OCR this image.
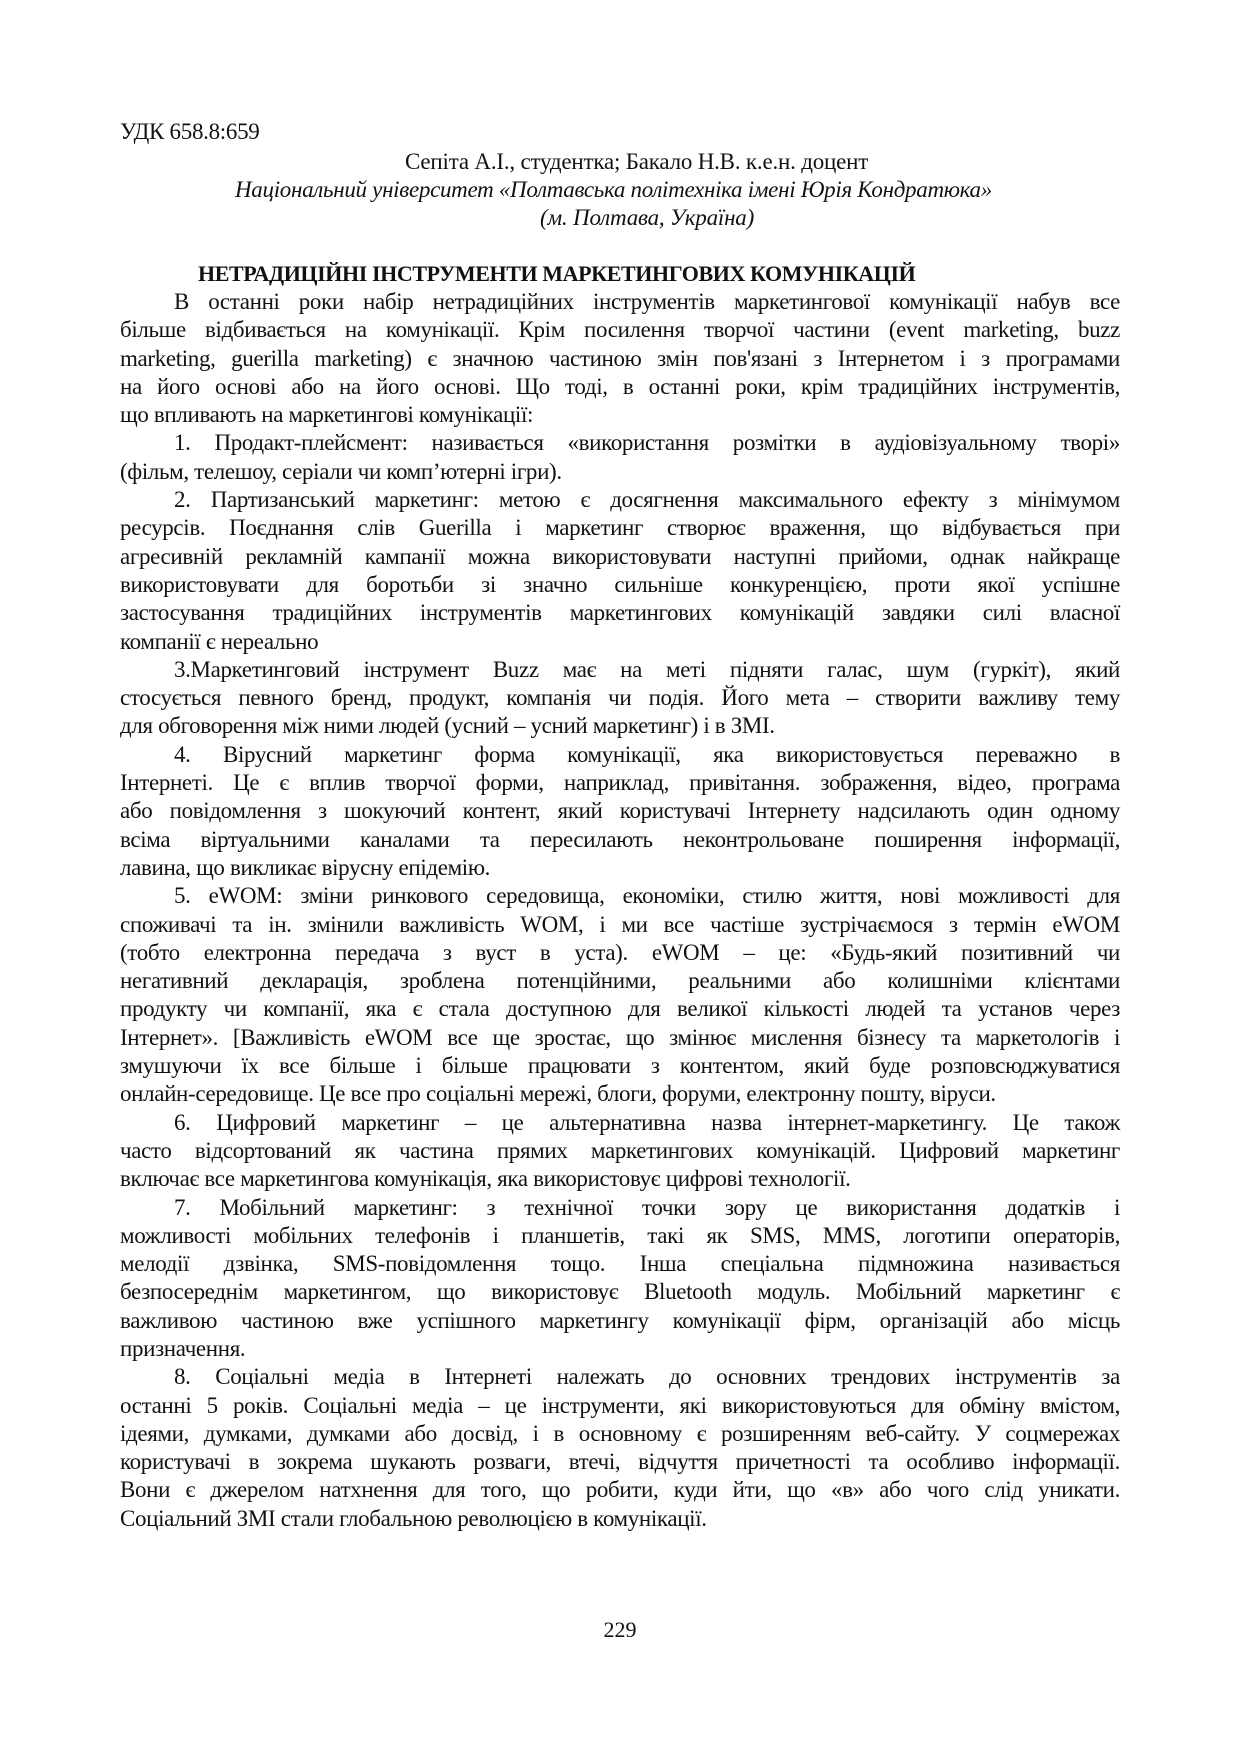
УДК 658.8:659
Сепіта А.І., студентка; Бакало Н.В. к.е.н. доцент
Національний університет «Полтавська політехніка імені Юрія Кондратюка»
(м. Полтава, Україна)
НЕТРАДИЦІЙНІ ІНСТРУМЕНТИ МАРКЕТИНГОВИХ КОМУНІКАЦІЙ
В останні роки набір нетрадиційних інструментів маркетингової комунікації набув все
більше відбивається на комунікації. Крім посилення творчої частини (event marketing, buzz
marketing, guerilla marketing) є значною частиною змін пов'язані з Інтернетом і з програмами
на його основі або на його основі. Що тоді, в останні роки, крім традиційних інструментів,
що впливають на маркетингові комунікації:
1. Продакт-плейсмент: називається «використання розмітки в аудіовізуальному творі»
(фільм, телешоу, серіали чи комп’ютерні ігри).
2. Партизанський маркетинг: метою є досягнення максимального ефекту з мінімумом
ресурсів. Поєднання слів Guerilla і маркетинг створює враження, що відбувається при
агресивній рекламній кампанії можна використовувати наступні прийоми, однак найкраще
використовувати для боротьби зі значно сильніше конкуренцією, проти якої успішне
застосування традиційних інструментів маркетингових комунікацій завдяки силі власної
компанії є нереально
3.Маркетинговий інструмент Buzz має на меті підняти галас, шум (гуркіт), який
стосується певного бренд, продукт, компанія чи подія. Його мета – створити важливу тему
для обговорення між ними людей (усний – усний маркетинг) і в ЗМІ.
4. Вірусний маркетинг форма комунікації, яка використовується переважно в
Інтернеті. Це є вплив творчої форми, наприклад, привітання. зображення, відео, програма
або повідомлення з шокуючий контент, який користувачі Інтернету надсилають один одному
всіма віртуальними каналами та пересилають неконтрольоване поширення інформації,
лавина, що викликає вірусну епідемію.
5. eWOM: зміни ринкового середовища, економіки, стилю життя, нові можливості для
споживачі та ін. змінили важливість WOM, і ми все частіше зустрічаємося з термін eWOM
(тобто електронна передача з вуст в уста). eWOM – це: «Будь-який позитивний чи
негативний декларація, зроблена потенційними, реальними або колишніми клієнтами
продукту чи компанії, яка є стала доступною для великої кількості людей та установ через
Інтернет». [Важливість eWOM все ще зростає, що змінює мислення бізнесу та маркетологів і
змушуючи їх все більше і більше працювати з контентом, який буде розповсюджуватися
онлайн-середовище. Це все про соціальні мережі, блоги, форуми, електронну пошту, віруси.
6. Цифровий маркетинг – це альтернативна назва інтернет-маркетингу. Це також
часто відсортований як частина прямих маркетингових комунікацій. Цифровий маркетинг
включає все маркетингова комунікація, яка використовує цифрові технології.
7. Мобільний маркетинг: з технічної точки зору це використання додатків і
можливості мобільних телефонів і планшетів, такі як SMS, MMS, логотипи операторів,
мелодії дзвінка, SMS-повідомлення тощо. Інша спеціальна підмножина називається
безпосереднім маркетингом, що використовує Bluetooth модуль. Мобільний маркетинг є
важливою частиною вже успішного маркетингу комунікації фірм, організацій або місць
призначення.
8. Соціальні медіа в Інтернеті належать до основних трендових інструментів за
останні 5 років. Соціальні медіа – це інструменти, які використовуються для обміну вмістом,
ідеями, думками, думками або досвід, і в основному є розширенням веб-сайту. У соцмережах
користувачі в зокрема шукають розваги, втечі, відчуття причетності та особливо інформації.
Вони є джерелом натхнення для того, що робити, куди йти, що «в» або чого слід уникати.
Соціальний ЗМІ стали глобальною революцією в комунікації.
229
